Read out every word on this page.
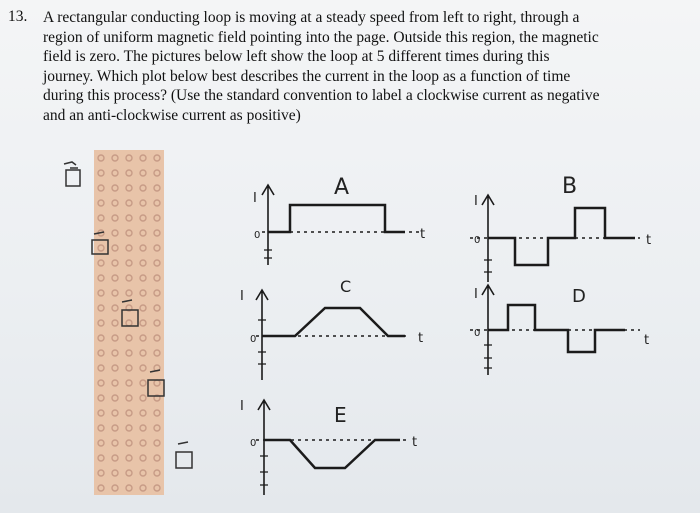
13. A rectangular conducting loop is moving at a steady speed from left to right, through a
region of uniform magnetic field pointing into the page. Outside this region, the magnetic
field is zero. The pictures below left show the loop at 5 different times during this
journey. Which plot below best describes the current in the loop as a function of time
during this process? (Use the standard convention to label a clockwise current as negative
and an anti-clockwise current as positive)
A
I
0	t
C
I
0	t
E
I
0	t
B
I
0	t
D
I
0	t
